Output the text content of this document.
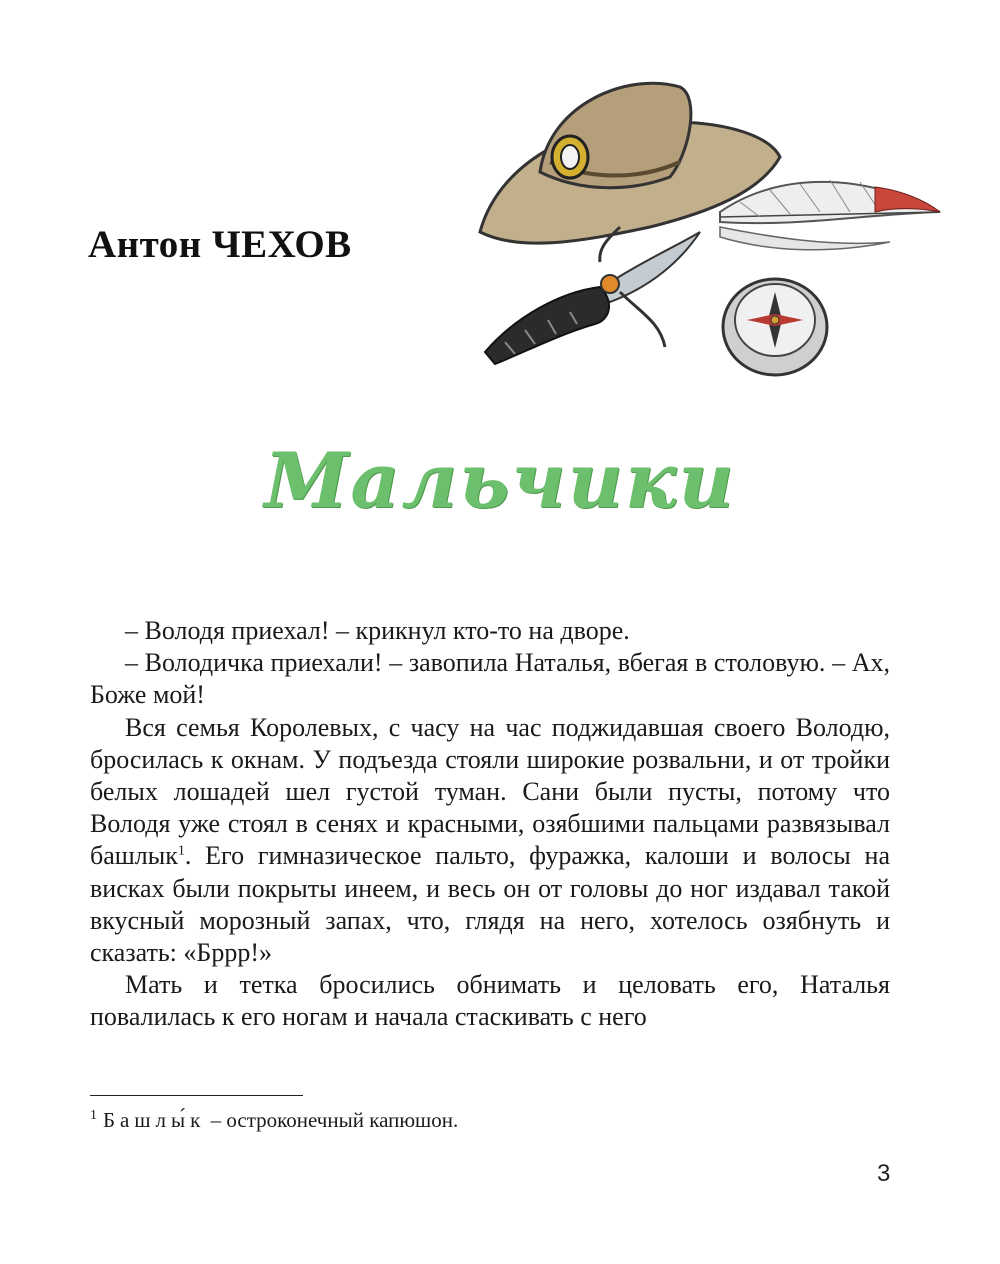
Антон ЧЕХОВ
Мальчики

– Володя приехал! – крикнул кто-то на дворе.

– Володичка приехали! – завопила Наталья, вбегая в столовую. – Ах, Боже мой!

Вся семья Королевых, с часу на час поджидавшая своего Володю, бросилась к окнам. У подъезда стояли широкие розвальни, и от тройки белых лошадей шел густой туман. Сани были пусты, потому что Володя уже стоял в сенях и красными, озябшими пальцами развязывал башлык$^1$. Его гимназическое пальто, фуражка, калоши и волосы на висках были покрыты инеем, и весь он от головы до ног издавал такой вкусный морозный запах, что, глядя на него, хотелось озябнуть и сказать: «Бррр!»

Мать и тетка бросились обнимать и целовать его, Наталья повалилась к его ногам и начала стаскивать с него

$^1$ Башлы́к – остроконечный капюшон.
3
